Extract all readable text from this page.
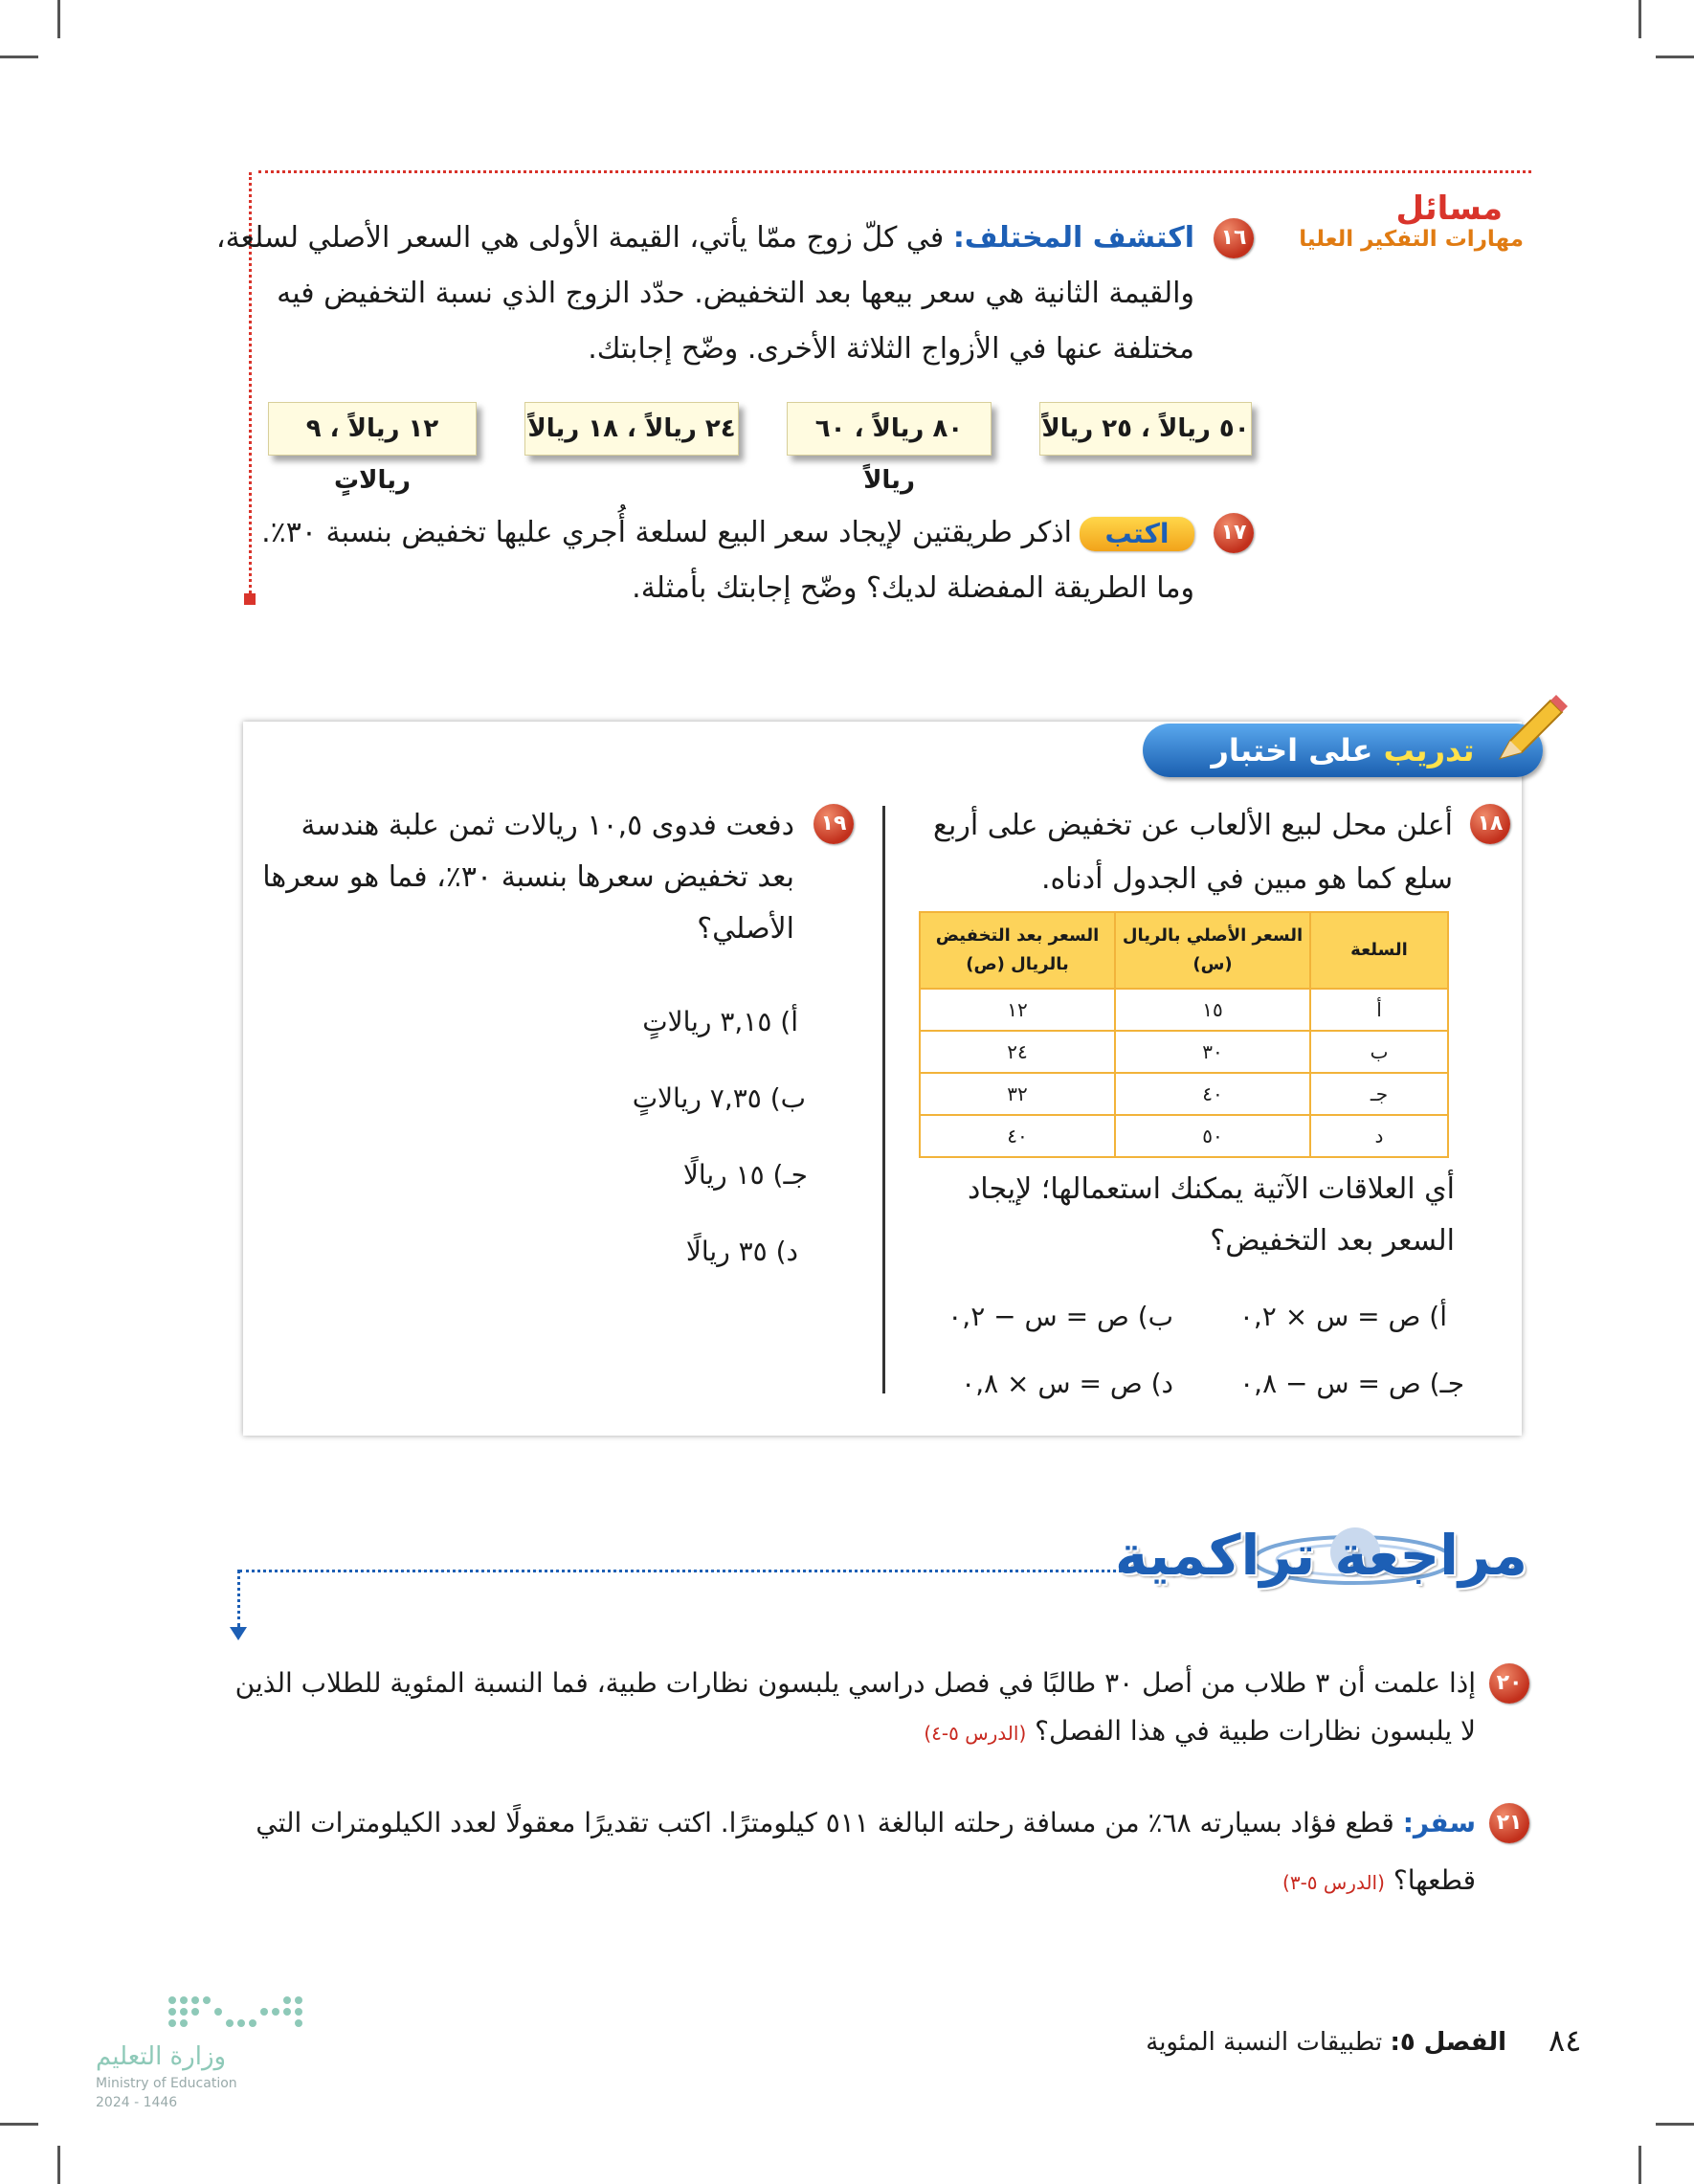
مسائل
مهارات التفكير العليا
١٦
اكتشف المختلف: في كلّ زوج ممّا يأتي، القيمة الأولى هي السعر الأصلي لسلعة،
والقيمة الثانية هي سعر بيعها بعد التخفيض. حدّد الزوج الذي نسبة التخفيض فيه
مختلفة عنها في الأزواج الثلاثة الأخرى. وضّح إجابتك.
٥٠ ريالاً ، ٢٥ ريالاً
٨٠ ريالاً ، ٦٠ ريالاً
٢٤ ريالاً ، ١٨ ريالاً
١٢ ريالاً ، ٩ ريالاتٍ
١٧
اكتب
اذكر طريقتين لإيجاد سعر البيع لسلعة أُجري عليها تخفيض بنسبة ٣٠٪.
وما الطريقة المفضلة لديك؟ وضّح إجابتك بأمثلة.
تدريب على اختبار
١٨
أعلن محل لبيع الألعاب عن تخفيض على أربع
سلع كما هو مبين في الجدول أدناه.
السلعة	السعر الأصلي بالريال (س)	السعر بعد التخفيض بالريال (ص)
أ	١٥	١٢
ب	٣٠	٢٤
جـ	٤٠	٣٢
د	٥٠	٤٠
أي العلاقات الآتية يمكنك استعمالها؛ لإيجاد
السعر بعد التخفيض؟
أ) ص = س × ٠,٢
ب) ص = س − ٠,٢
جـ) ص = س − ٠,٨
د) ص = س × ٠,٨
١٩
دفعت فدوى ١٠,٥ ريالات ثمن علبة هندسة
بعد تخفيض سعرها بنسبة ٣٠٪، فما هو سعرها
الأصلي؟
أ) ٣,١٥ ريالاتٍ
ب) ٧,٣٥ ريالاتٍ
جـ) ١٥ ريالًا
د) ٣٥ ريالًا
مراجعة تراكمية
٢٠
إذا علمت أن ٣ طلاب من أصل ٣٠ طالبًا في فصل دراسي يلبسون نظارات طبية، فما النسبة المئوية للطلاب الذين
لا يلبسون نظارات طبية في هذا الفصل؟ (الدرس ٥-٤)
٢١
سفر: قطع فؤاد بسيارته ٦٨٪ من مسافة رحلته البالغة ٥١١ كيلومترًا. اكتب تقديرًا معقولًا لعدد الكيلومترات التي
قطعها؟ (الدرس ٥-٣)
وزارة التعليم
Ministry of Education
2024 - 1446
٨٤
الفصل ٥: تطبيقات النسبة المئوية
